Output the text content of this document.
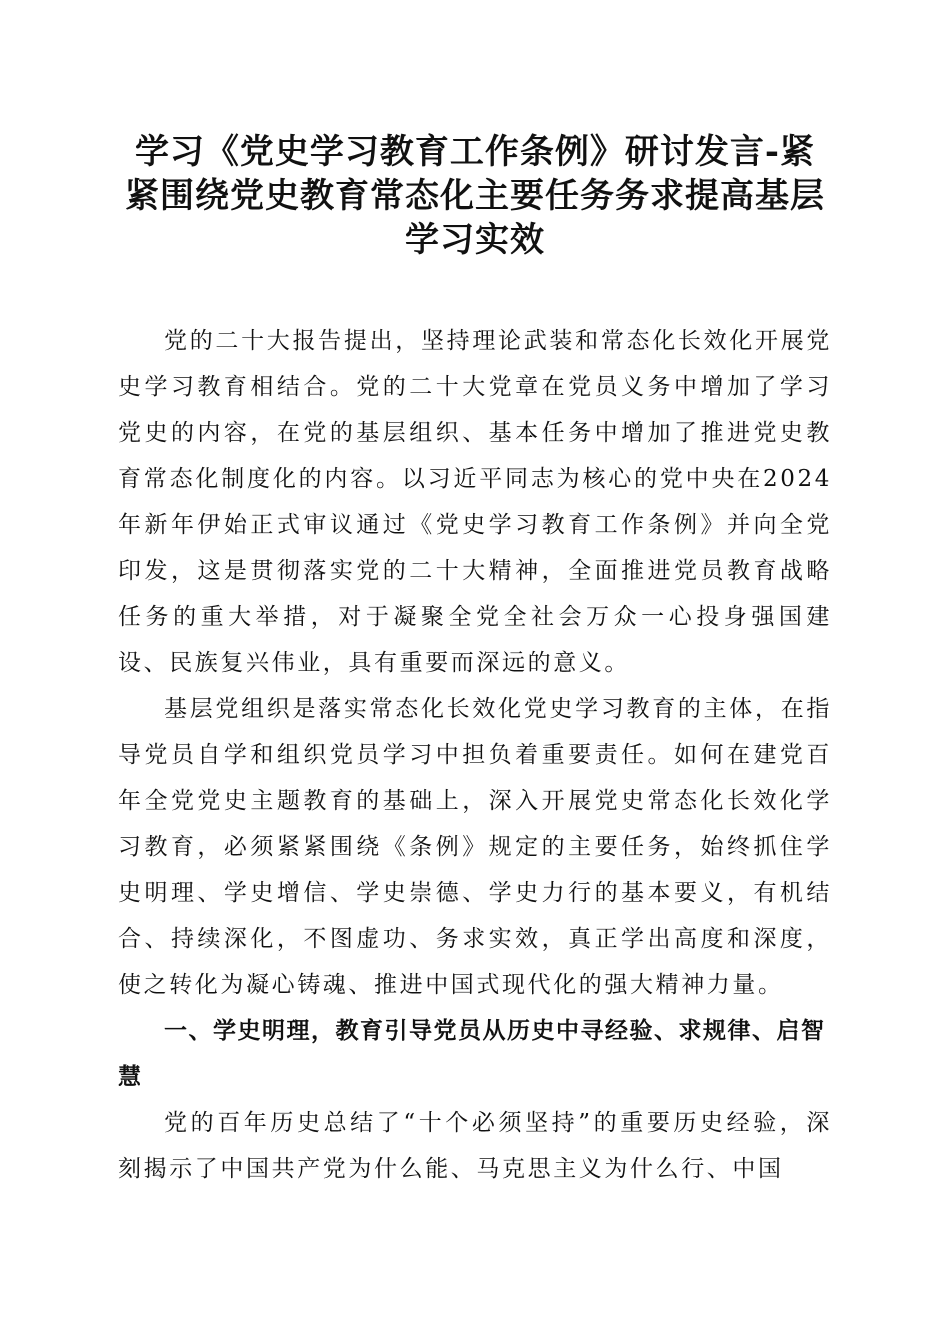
学习《党史学习教育工作条例》研讨发言-紧紧围绕党史教育常态化主要任务务求提高基层学习实效

党的二十大报告提出，坚持理论武装和常态化长效化开展党史学习教育相结合。党的二十大党章在党员义务中增加了学习党史的内容，在党的基层组织、基本任务中增加了推进党史教育常态化制度化的内容。以习近平同志为核心的党中央在2024年新年伊始正式审议通过《党史学习教育工作条例》并向全党印发，这是贯彻落实党的二十大精神，全面推进党员教育战略任务的重大举措，对于凝聚全党全社会万众一心投身强国建设、民族复兴伟业，具有重要而深远的意义。

基层党组织是落实常态化长效化党史学习教育的主体，在指导党员自学和组织党员学习中担负着重要责任。如何在建党百年全党党史主题教育的基础上，深入开展党史常态化长效化学习教育，必须紧紧围绕《条例》规定的主要任务，始终抓住学史明理、学史增信、学史崇德、学史力行的基本要义，有机结合、持续深化，不图虚功、务求实效，真正学出高度和深度，使之转化为凝心铸魂、推进中国式现代化的强大精神力量。

一、学史明理，教育引导党员从历史中寻经验、求规律、启智慧

党的百年历史总结了“十个必须坚持”的重要历史经验，深刻揭示了中国共产党为什么能、马克思主义为什么行、中国
